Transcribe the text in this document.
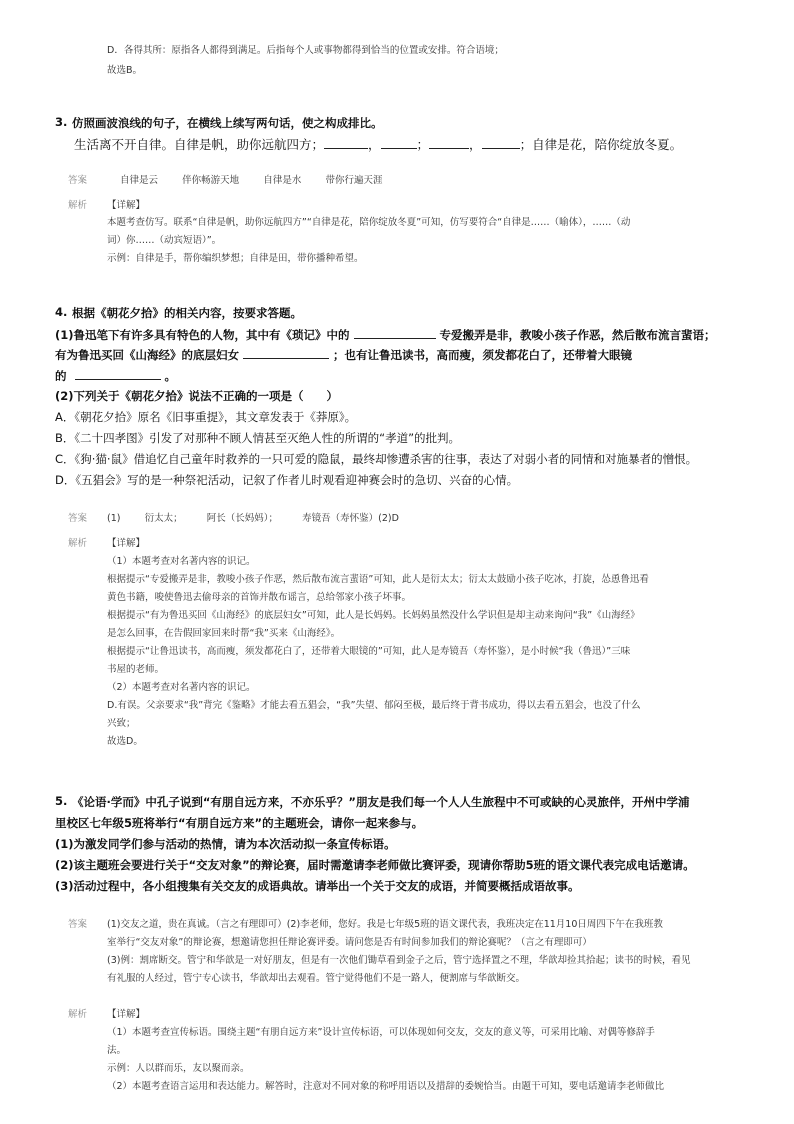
D．各得其所：原指各人都得到满足。后指每个人或事物都得到恰当的位置或安排。符合语境；
故选B。
3. 仿照画波浪线的句子，在横线上续写两句话，使之构成排比。
生活离不开自律。自律是帆，助你远航四方；	，	；	，	；自律是花，陪你绽放冬夏。
答案	自律是云        伴你畅游天地        自律是水        带你行遍天涯
解析 【详解】
本题考查仿写。联系“自律是帆，助你远航四方”“自律是花，陪你绽放冬夏”可知，仿写要符合“自律是……（喻体），……（动
词）你……（动宾短语）”。
示例：自律是手，帮你编织梦想；自律是田，带你播种希望。
4. 根据《朝花夕拾》的相关内容，按要求答题。
(1)鲁迅笔下有许多具有特色的人物，其中有《琐记》中的	专爱搬弄是非，教唆小孩子作恶，然后散布流言蜚语；
有为鲁迅买回《山海经》的底层妇女	；也有让鲁迅读书，高而瘦，须发都花白了，还带着大眼镜
的	。
(2)下列关于《朝花夕拾》说法不正确的一项是（　　）
A．《朝花夕拾》原名《旧事重提》，其文章发表于《莽原》。
B．《二十四孝图》引发了对那种不顾人情甚至灭绝人性的所谓的“孝道”的批判。
C．《狗·猫·鼠》借追忆自己童年时救养的一只可爱的隐鼠，最终却惨遭杀害的往事，表达了对弱小者的同情和对施暴者的憎恨。
D．《五猖会》写的是一种祭祀活动，记叙了作者儿时观看迎神赛会时的急切、兴奋的心情。
答案 (1)        衍太太；        阿长（长妈妈）；        寿镜吾（寿怀鉴）(2)D
解析 【详解】
（1）本题考查对名著内容的识记。
根据提示“专爱搬弄是非，教唆小孩子作恶，然后散布流言蜚语”可知，此人是衍太太；衍太太鼓励小孩子吃冰，打旋，怂恿鲁迅看
黄色书籍，唆使鲁迅去偷母亲的首饰并散布谣言，总给邻家小孩子坏事。
根据提示“有为鲁迅买回《山海经》的底层妇女”可知，此人是长妈妈。长妈妈虽然没什么学识但是却主动来询问“我”《山海经》
是怎么回事，在告假回家回来时帮“我”买来《山海经》。
根据提示“让鲁迅读书，高而瘦，须发都花白了，还带着大眼镜的”可知，此人是寿镜吾（寿怀鉴），是小时候“我（鲁迅）”三味
书屋的老师。
（2）本题考查对名著内容的识记。
D.有误。父亲要求“我”背完《鉴略》才能去看五猖会，“我”失望、郁闷至极，最后终于背书成功，得以去看五猖会，也没了什么
兴致；
故选D。
5. 《论语·学而》中孔子说到“有朋自远方来，不亦乐乎？”朋友是我们每一个人人生旅程中不可或缺的心灵旅伴，开州中学浦
里校区七年级5班将举行“有朋自远方来”的主题班会，请你一起来参与。
(1)为激发同学们参与活动的热情，请为本次活动拟一条宣传标语。
(2)该主题班会要进行关于“交友对象”的辩论赛，届时需邀请李老师做比赛评委，现请你帮助5班的语文课代表完成电话邀请。
(3)活动过程中，各小组搜集有关交友的成语典故。请举出一个关于交友的成语，并简要概括成语故事。
答案 (1)交友之道，贵在真诚。（言之有理即可）(2)李老师，您好。我是七年级5班的语文课代表，我班决定在11月10日周四下午在我班教
室举行“交友对象”的辩论赛，想邀请您担任辩论赛评委。请问您是否有时间参加我们的辩论赛呢？（言之有理即可）
(3)例：割席断交。管宁和华歆是一对好朋友，但是有一次他们锄草看到金子之后，管宁选择置之不理，华歆却捡其拾起；读书的时候，看见
有礼服的人经过，管宁专心读书，华歆却出去观看。管宁觉得他们不是一路人，便割席与华歆断交。
解析 【详解】
（1）本题考查宣传标语。围绕主题“有朋自远方来”设计宣传标语，可以体现如何交友，交友的意义等，可采用比喻、对偶等修辞手
法。
示例：人以群而乐，友以聚而亲。
（2）本题考查语言运用和表达能力。解答时，注意对不同对象的称呼用语以及措辞的委婉恰当。由题干可知，要电话邀请李老师做比
